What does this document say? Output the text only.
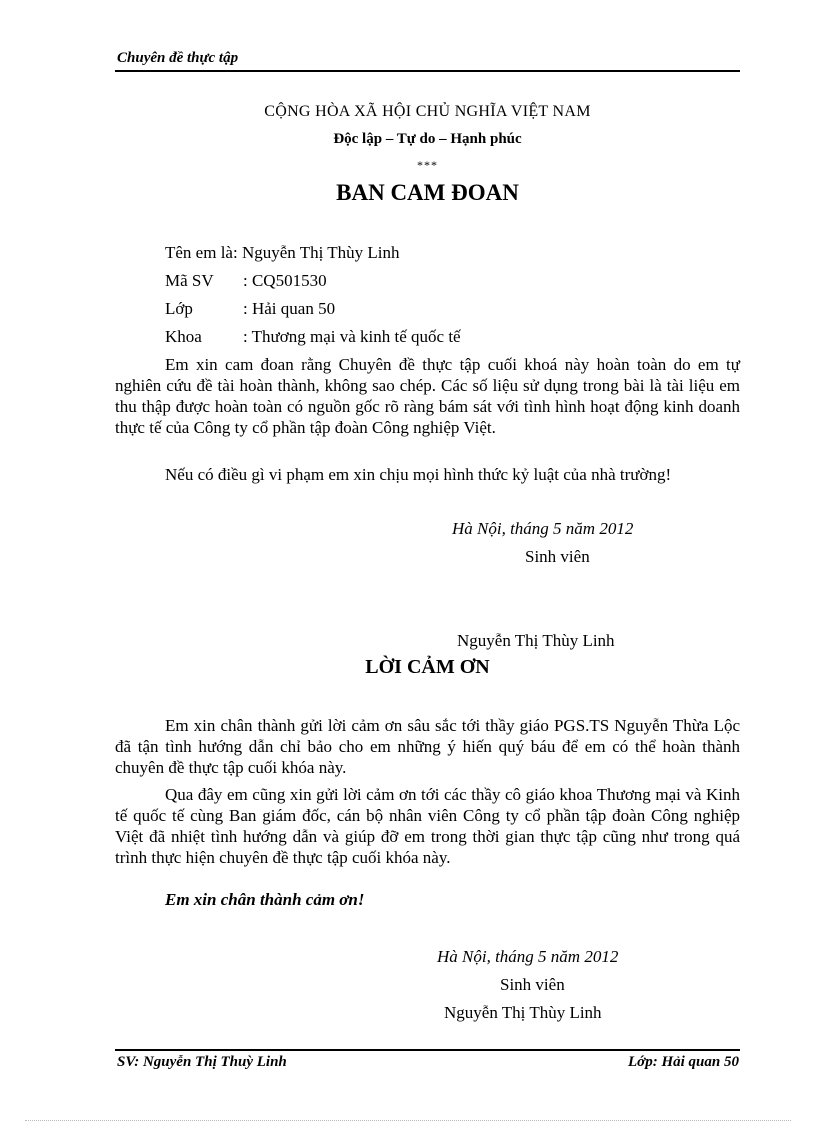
Chuyên đề thực tập
CỘNG HÒA XÃ HỘI CHỦ NGHĨA VIỆT NAM
Độc lập – Tự do – Hạnh phúc
***
BAN CAM ĐOAN
Tên em là: Nguyễn Thị Thùy Linh
Mã SV : CQ501530
Lớp	: Hải quan 50
Khoa : Thương mại và kinh tế quốc tế
Em xin cam đoan rằng Chuyên đề thực tập cuối khoá này hoàn toàn do em tự nghiên cứu đề tài hoàn thành, không sao chép. Các số liệu sử dụng trong bài là tài liệu em thu thập được hoàn toàn có nguồn gốc rõ ràng bám sát với tình hình hoạt động kinh doanh thực tế của Công ty cổ phần tập đoàn Công nghiệp Việt.
Nếu có điều gì vi phạm em xin chịu mọi hình thức kỷ luật của nhà trường!
Hà Nội, tháng 5 năm 2012
Sinh viên
Nguyễn Thị Thùy Linh
LỜI CẢM ƠN
Em xin chân thành gửi lời cảm ơn sâu sắc tới thầy giáo PGS.TS Nguyễn Thừa Lộc đã tận tình hướng dẫn chỉ bảo cho em những ý hiến quý báu để em có thể hoàn thành chuyên đề thực tập cuối khóa này.
Qua đây em cũng xin gửi lời cảm ơn tới các thầy cô giáo khoa Thương mại và Kinh tế quốc tế cùng Ban giám đốc, cán bộ nhân viên Công ty cổ phần tập đoàn Công nghiệp Việt đã nhiệt tình hướng dẫn và giúp đỡ em trong thời gian thực tập cũng như trong quá trình thực hiện chuyên đề thực tập cuối khóa này.
Em xin chân thành cảm ơn!
Hà Nội, tháng 5 năm 2012
Sinh viên
Nguyễn Thị Thùy Linh
SV: Nguyễn Thị Thuỳ Linh	Lớp: Hải quan 50
